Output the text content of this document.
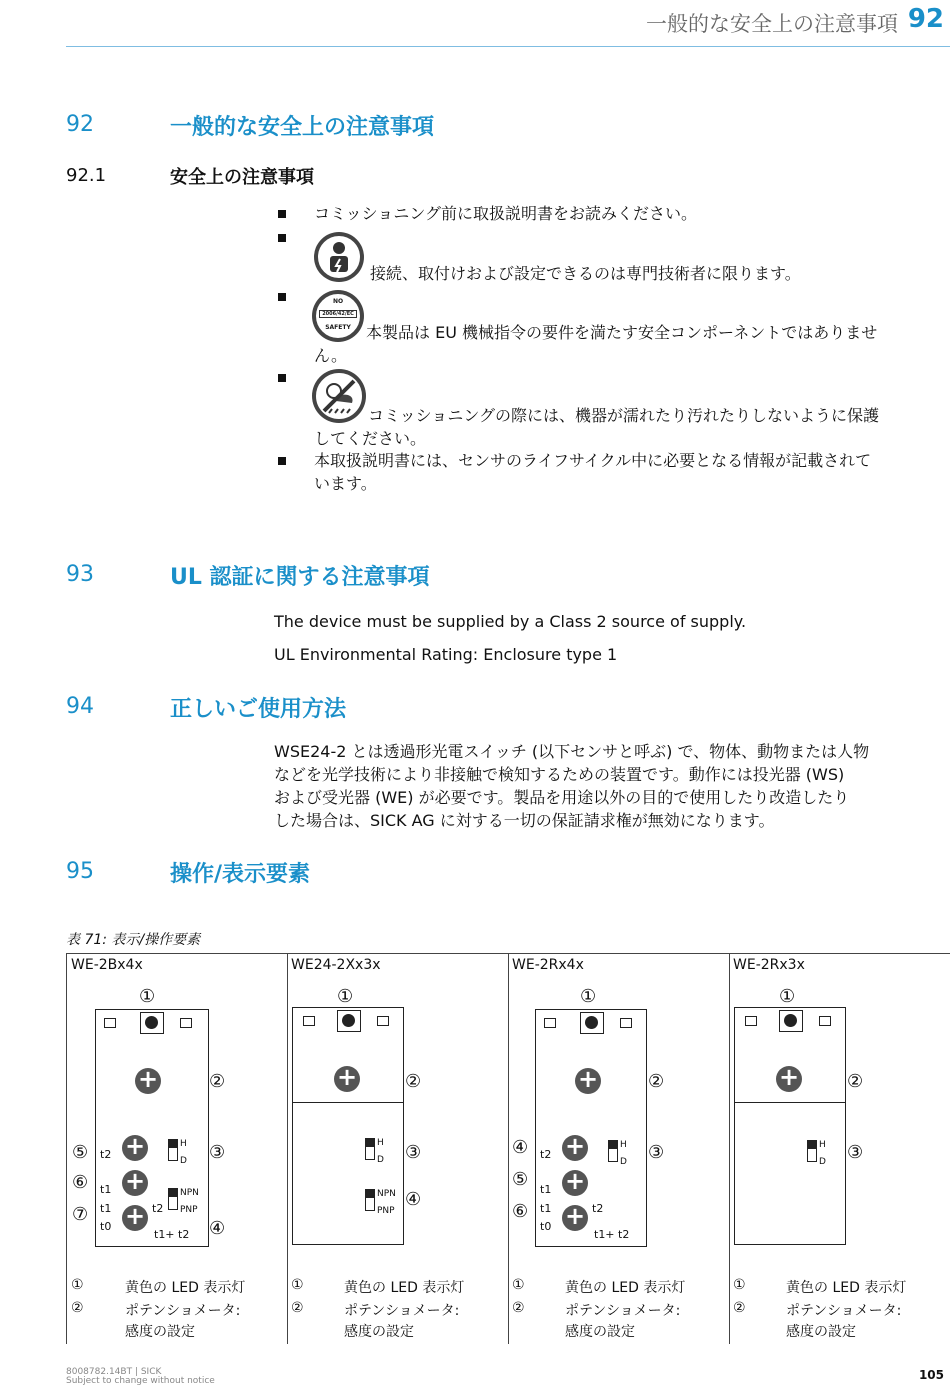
一般的な安全上の注意事項 92
92	一般的な安全上の注意事項
92.1	安全上の注意事項
コミッショニング前に取扱説明書をお読みください。
接続、取付けおよび設定できるのは専門技術者に限ります。
NO
2006/42/EC
SAFETY 本製品は EU 機械指令の要件を満たす安全コンポーネントではありませ
ん。
コミッショニングの際には、機器が濡れたり汚れたりしないように保護
してください。
本取扱説明書には、センサのライフサイクル中に必要となる情報が記載されて
います。
93	UL 認証に関する注意事項
The device must be supplied by a Class 2 source of supply.
UL Environmental Rating: Enclosure type 1
94	正しいご使用方法
WSE24-2 とは透過形光電スイッチ (以下センサと呼ぶ) で、物体、動物または人物
などを光学技術により非接触で検知するための装置です。動作には投光器 (WS)
および受光器 (WE) が必要です。製品を用途以外の目的で使用したり改造したり
した場合は、SICK AG に対する一切の保証請求権が無効になります。
95	操作/表示要素
表 71: 表示/操作要素
WE-2Bx4x
①
+
+
+
+
H
D
NPN
PNP
t2
t1
t1
t0
t2
t1+ t2
②
③
④
⑤
⑥
⑦
①	黄色の LED 表示灯
②	ポテンショメータ:
感度の設定
WE24-2Xx3x
①
+
H
D
NPN
PNP
②
③
④
①	黄色の LED 表示灯
②	ポテンショメータ:
感度の設定
WE-2Rx4x
①
+
+
+
+
H
D
t2
t1
t1
t0
t2
t1+ t2
②
③
④
⑤
⑥
①	黄色の LED 表示灯
②	ポテンショメータ:
感度の設定
WE-2Rx3x
①
+
H
D
②
③
①	黄色の LED 表示灯
②	ポテンショメータ:
感度の設定
8008782.14BT | SICK
Subject to change without notice	105
